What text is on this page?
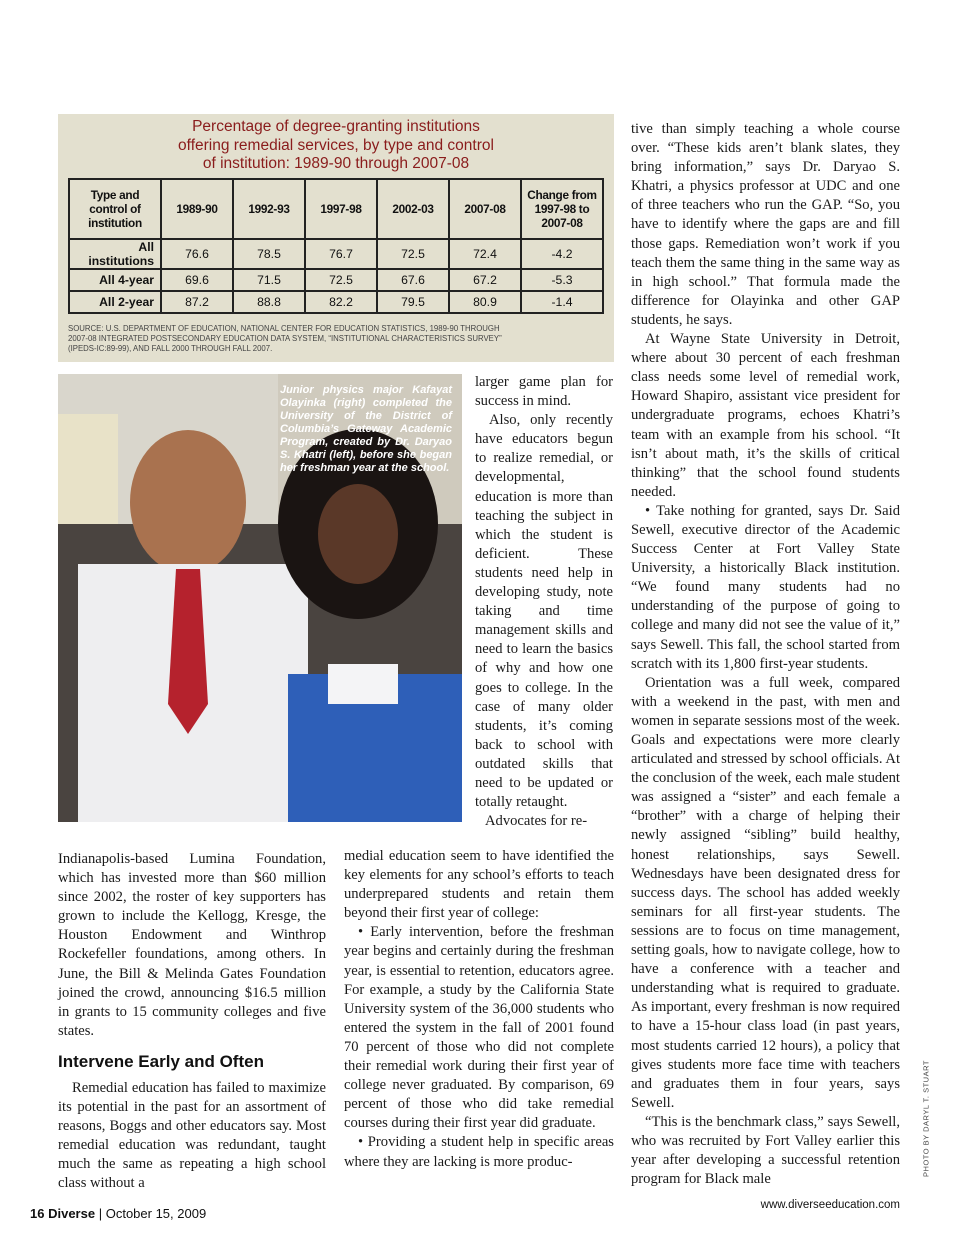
Percentage of degree-granting institutions
offering remedial services, by type and control
of institution: 1989-90 through 2007-08
Type and control of institution	1989-90	1992-93	1997-98	2002-03	2007-08	Change from 1997-98 to 2007-08
All institutions	76.6	78.5	76.7	72.5	72.4	-4.2
All 4-year	69.6	71.5	72.5	67.6	67.2	-5.3
All 2-year	87.2	88.8	82.2	79.5	80.9	-1.4
SOURCE: U.S. DEPARTMENT OF EDUCATION, NATIONAL CENTER FOR EDUCATION STATISTICS, 1989-90 THROUGH 2007-08 INTEGRATED POSTSECONDARY EDUCATION DATA SYSTEM, “INSTITUTIONAL CHARACTERISTICS SURVEY” (IPEDS-IC:89-99), AND FALL 2000 THROUGH FALL 2007.
Junior physics major Kafayat Olayinka (right) completed the University of the District of Columbia’s Gateway Academic Program, created by Dr. Daryao S. Khatri (left), before she began her freshman year at the school.

larger game plan for success in mind.

Also, only recently have educators begun to realize remedial, or developmental, education is more than teaching the subject in which the student is deficient. These students need help in developing study, note taking and time management skills and need to learn the basics of why and how one goes to college. In the case of many older students, it’s coming back to school with outdated skills that need to be updated or totally retaught.

Advocates for re-

Indianapolis-based Lumina Foundation, which has invested more than $60 million since 2002, the roster of key supporters has grown to include the Kellogg, Kresge, the Houston Endowment and Winthrop Rockefeller foundations, among others. In June, the Bill & Melinda Gates Foundation joined the crowd, announcing $16.5 million in grants to 15 community colleges and five states.

Intervene Early and Often

Remedial education has failed to maximize its potential in the past for an assortment of reasons, Boggs and other educators say. Most remedial education was redundant, taught much the same as repeating a high school class without a

medial education seem to have identified the key elements for any school’s efforts to teach underprepared students and retain them beyond their first year of college:

• Early intervention, before the freshman year begins and certainly during the freshman year, is essential to retention, educators agree. For example, a study by the California State University system of the 36,000 students who entered the system in the fall of 2001 found 70 percent of those who did not complete their remedial work during their first year of college never graduated. By comparison, 69 percent of those who did take remedial courses during their first year did graduate.

• Providing a student help in specific areas where they are lacking is more produc-

tive than simply teaching a whole course over. “These kids aren’t blank slates, they bring information,” says Dr. Daryao S. Khatri, a physics professor at UDC and one of three teachers who run the GAP. “So, you have to identify where the gaps are and fill those gaps. Remediation won’t work if you teach them the same thing in the same way as in high school.” That formula made the difference for Olayinka and other GAP students, he says.

At Wayne State University in Detroit, where about 30 percent of each freshman class needs some level of remedial work, Howard Shapiro, assistant vice president for undergraduate programs, echoes Khatri’s team with an example from his school. “It isn’t about math, it’s the skills of critical thinking” that the school found students needed.

• Take nothing for granted, says Dr. Said Sewell, executive director of the Academic Success Center at Fort Valley State University, a historically Black institution. “We found many students had no understanding of the purpose of going to college and many did not see the value of it,” says Sewell. This fall, the school started from scratch with its 1,800 first-year students.

Orientation was a full week, compared with a weekend in the past, with men and women in separate sessions most of the week. Goals and expectations were more clearly articulated and stressed by school officials. At the conclusion of the week, each male student was assigned a “sister” and each female a “brother” with a charge of helping their newly assigned “sibling” build healthy, honest relationships, says Sewell. Wednesdays have been designated dress for success days. The school has added weekly seminars for all first-year students. The sessions are to focus on time management, setting goals, how to navigate college, how to have a conference with a teacher and understanding what is required to graduate. As important, every freshman is now required to have a 15-hour class load (in past years, most students carried 12 hours), a policy that gives students more face time with teachers and graduates them in four years, says Sewell.

“This is the benchmark class,” says Sewell, who was recruited by Fort Valley earlier this year after developing a successful retention program for Black male

PHOTO BY DARYL T. STUART
16 Diverse | October 15, 2009
www.diverseeducation.com
